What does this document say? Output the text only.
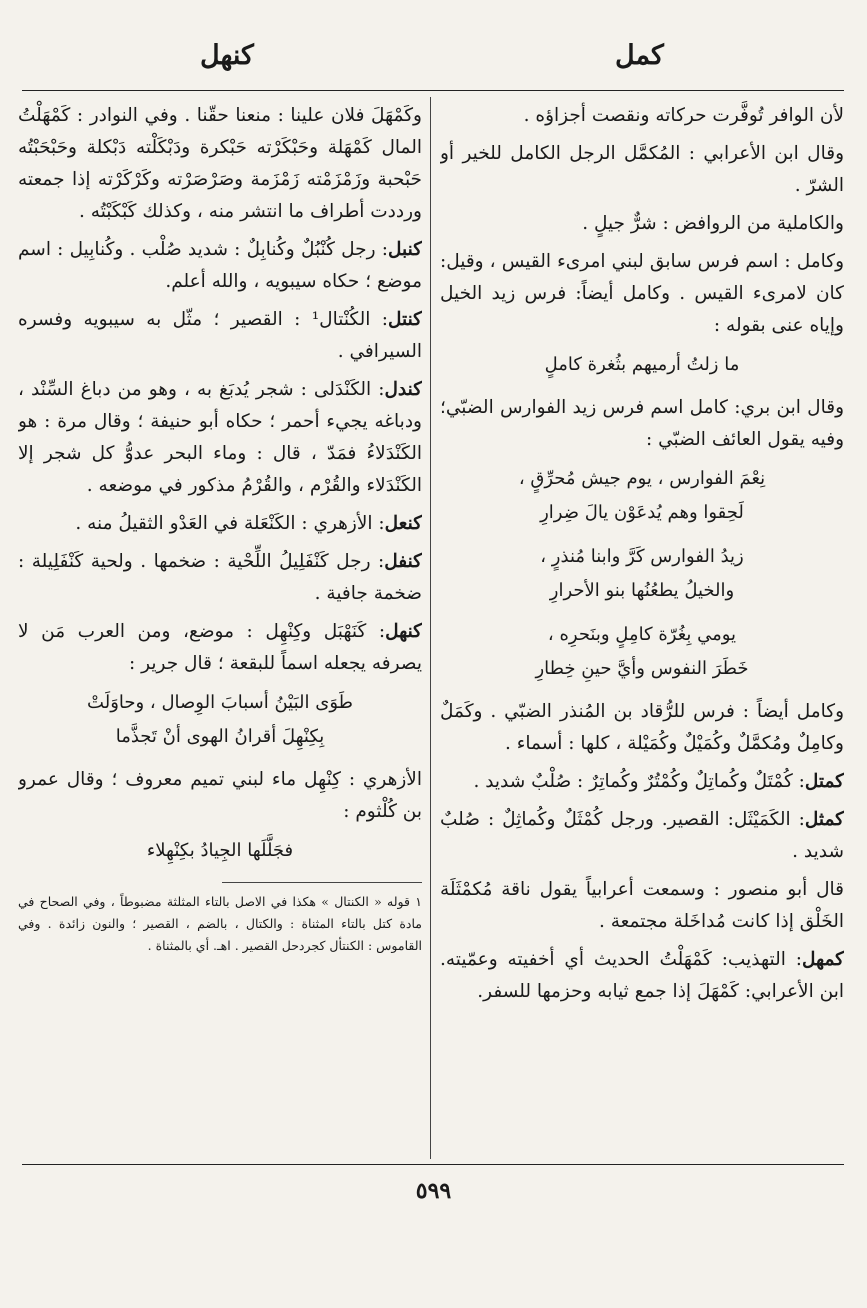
كنهل	كمل

لأن الوافر تُوفَّرت حركاته ونقصت أجزاؤه .

وقال ابن الأعرابي : المُكمَّل الرجل الكامل للخير أو الشرّ .

والكاملية من الروافض : شرٌّ جيلٍ .

وكامل : اسم فرس سابق لبني امرىء القيس ، وقيل: كان لامرىء القيس . وكامل أيضاً: فرس زيد الخيل وإياه عنى بقوله :

ما زلتُ أرميهم بثُغرة كاملٍ

وقال ابن بري: كامل اسم فرس زيد الفوارس الضبّي؛ وفيه يقول العائف الضبّي :

نِعْمَ الفوارس ، يوم جيش مُحرِّقٍ ،
لَحِقوا وهم يُدعَوْن يالَ ضِرارِ
زيدُ الفوارس كَرَّ وابنا مُنذرٍ ،
والخيلُ يطعُنُها بنو الأحرارِ
يومي بِغُرّة كامِلٍ وبنَحرِه ،
خَطَرَ النفوس وأيَّ حينِ خِطارِ

وكامل أيضاً : فرس للرُّقاد بن المُنذر الضبّي . وكَمَلٌ وكامِلٌ ومُكمَّلٌ وكُمَيْلٌ وكُمَيْلة ، كلها : أسماء .

كمتل: كُمْتَلٌ وكُماتِلٌ وكُمْتُرٌ وكُماتِرٌ : صُلْبٌ شديد .

كمثل: الكَمَيْثَل: القصير. ورجل كُمْثَلٌ وكُماثِلٌ : صُلبٌ شديد .

قال أبو منصور : وسمعت أعرابياً يقول ناقة مُكمْثَلَة الخَلْق إذا كانت مُداخَلة مجتمعة .

كمهل: التهذيب: كَمْهَلْتُ الحديث أي أخفيته وعمّيته. ابن الأعرابي: كَمْهَلَ إذا جمع ثيابه وحزمها للسفر.

وكَمْهَلَ فلان علينا : منعنا حقّنا . وفي النوادر : كَمْهَلْتُ المال كَمْهَلة وحَبْكَرْته حَبْكرة ودَبْكَلْته دَبْكلة وحَبْحَبْتُه حَبْحبة وزَمْزَمْته زَمْزَمة وصَرْصَرْته وكَرْكَرْته إذا جمعته ورددت أطراف ما انتشر منه ، وكذلك كَبْكَبْتُه .

كنبل: رجل كُنْبُلٌ وكُنابِلٌ : شديد صُلْب . وكُنابِيل : اسم موضع ؛ حكاه سيبويه ، والله أعلم.

كنتل: الكُنْتال¹ : القصير ؛ مثّل به سيبويه وفسره السيرافي .

كندل: الكَنْدَلى : شجر يُدبَغ به ، وهو من دباغ السِّنْد ، ودباغه يجيء أحمر ؛ حكاه أبو حنيفة ؛ وقال مرة : هو الكَنْدَلاءُ فمَدّ ، قال : وماء البحر عدوُّ كل شجر إلا الكَنْدَلاء والقُرْم ، والقُرْمُ مذكور في موضعه .

كنعل: الأزهري : الكَنْعَلة في العَدْو الثقيلُ منه .

كنفل: رجل كَنْفَلِيلُ اللِّحْية : ضخمها . ولحية كَنْفَلِيلة : ضخمة جافية .

كنهل: كَنَهْبَل وكِنْهِل : موضع، ومن العرب مَن لا يصرفه يجعله اسماً للبقعة ؛ قال جرير :

طَوَى البَيْنُ أسبابَ الوِصال ، وحاوَلَتْ
بِكِنْهِلَ أقرانُ الهوى أنْ تَجذَّما

الأزهري : كِنْهِل ماء لبني تميم معروف ؛ وقال عمرو بن كُلْثوم :

فجَلَّلَها الجِيادُ بكِنْهِلاء

١ قوله « الكنتال » هكذا في الاصل بالتاء المثلثة مضبوطاً ، وفي الصحاح في مادة كتل بالتاء المثناة : والكتال ، بالضم ، القصير ؛ والنون زائدة . وفي القاموس : الكنتأل كجردحل القصير . اهـ. أي بالمثناة .

٥٩٩
